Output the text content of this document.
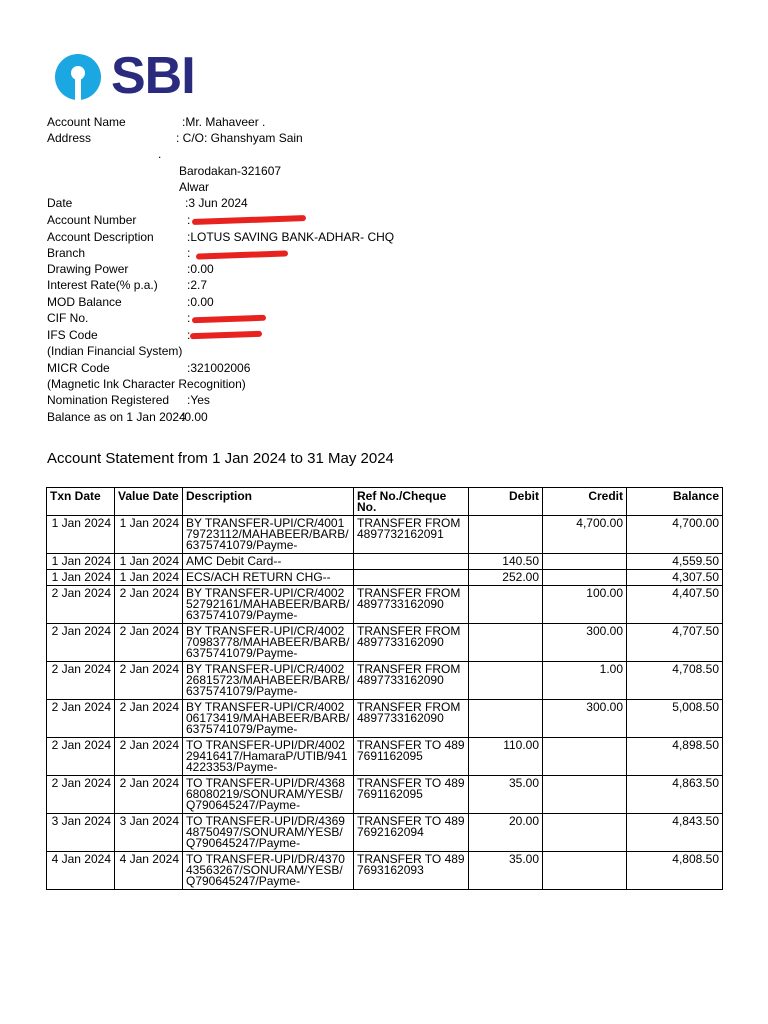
SBI
Account Name	:Mr. Mahaveer .
Address	: C/O: Ghanshyam Sain
.
Barodakan-321607
Alwar
Date	:3 Jun 2024
Account Number	:
Account Description	:LOTUS SAVING BANK-ADHAR- CHQ
Branch	:
Drawing Power	:0.00
Interest Rate(% p.a.) :2.7
MOD Balance	:0.00
CIF No.	:
IFS Code	:
(Indian Financial System)
MICR Code	:321002006
(Magnetic Ink Character Recognition)
Nomination Registered :Yes
Balance as on 1 Jan 2024
:0.00
Account Statement from 1 Jan 2024 to 31 May 2024
Txn Date	Value Date	Description	Ref No./Cheque No.	Debit	Credit	Balance
1 Jan 2024	1 Jan 2024	BY TRANSFER-UPI/CR/400179723112/MAHABEER/BARB/6375741079/Payme-	TRANSFER FROM 4897732162091		4,700.00	4,700.00
1 Jan 2024	1 Jan 2024	AMC Debit Card--		140.50		4,559.50
1 Jan 2024	1 Jan 2024	ECS/ACH RETURN CHG--		252.00		4,307.50
2 Jan 2024	2 Jan 2024	BY TRANSFER-UPI/CR/400252792161/MAHABEER/BARB/6375741079/Payme-	TRANSFER FROM 4897733162090		100.00	4,407.50
2 Jan 2024	2 Jan 2024	BY TRANSFER-UPI/CR/400270983778/MAHABEER/BARB/6375741079/Payme-	TRANSFER FROM 4897733162090		300.00	4,707.50
2 Jan 2024	2 Jan 2024	BY TRANSFER-UPI/CR/400226815723/MAHABEER/BARB/6375741079/Payme-	TRANSFER FROM 4897733162090		1.00	4,708.50
2 Jan 2024	2 Jan 2024	BY TRANSFER-UPI/CR/400206173419/MAHABEER/BARB/6375741079/Payme-	TRANSFER FROM 4897733162090		300.00	5,008.50
2 Jan 2024	2 Jan 2024	TO TRANSFER-UPI/DR/400229416417/HamaraP/UTIB/9414223353/Payme-	TRANSFER TO 4897691162095	110.00		4,898.50
2 Jan 2024	2 Jan 2024	TO TRANSFER-UPI/DR/436868080219/SONURAM/YESB/Q790645247/Payme-	TRANSFER TO 4897691162095	35.00		4,863.50
3 Jan 2024	3 Jan 2024	TO TRANSFER-UPI/DR/436948750497/SONURAM/YESB/Q790645247/Payme-	TRANSFER TO 4897692162094	20.00		4,843.50
4 Jan 2024	4 Jan 2024	TO TRANSFER-UPI/DR/437043563267/SONURAM/YESB/Q790645247/Payme-	TRANSFER TO 4897693162093	35.00		4,808.50
